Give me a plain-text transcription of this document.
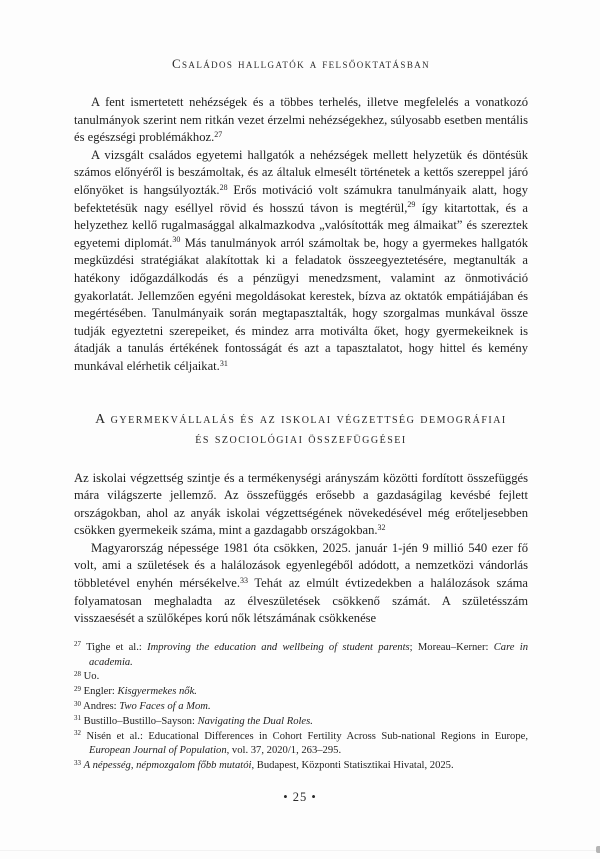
Családos hallgatók a felsőoktatásban

A fent ismertetett nehézségek és a többes terhelés, illetve megfelelés a vonatkozó tanulmányok szerint nem ritkán vezet érzelmi nehézségekhez, súlyosabb esetben mentális és egészségi problémákhoz.$^{27}$

A vizsgált családos egyetemi hallgatók a nehézségek mellett helyzetük és döntésük számos előnyéről is beszámoltak, és az általuk elmesélt történetek a kettős szereppel járó előnyöket is hangsúlyozták.$^{28}$ Erős motiváció volt számukra tanulmányaik alatt, hogy befektetésük nagy eséllyel rövid és hosszú távon is megtérül,$^{29}$ így kitartottak, és a helyzethez kellő rugalmasággal alkalmazkodva „valósították meg álmaikat” és szereztek egyetemi diplomát.$^{30}$ Más tanulmányok arról számoltak be, hogy a gyermekes hallgatók megküzdési stratégiákat alakítottak ki a feladatok összeegyeztetésére, megtanulták a hatékony időgazdálkodás és a pénzügyi menedzsment, valamint az önmotiváció gyakorlatát. Jellemzően egyéni megoldásokat kerestek, bízva az oktatók empátiájában és megértésében. Tanulmányaik során megtapasztalták, hogy szorgalmas munkával össze tudják egyeztetni szerepeiket, és mindez arra motiválta őket, hogy gyermekeiknek is átadják a tanulás értékének fontosságát és azt a tapasztalatot, hogy hittel és kemény munkával elérhetik céljaikat.$^{31}$

A gyermekvállalás és az iskolai végzettség demográfiai
és szociológiai összefüggései

Az iskolai végzettség szintje és a termékenységi arányszám közötti fordított összefüggés mára világszerte jellemző. Az összefüggés erősebb a gazdaságilag kevésbé fejlett országokban, ahol az anyák iskolai végzettségének növekedésével még erőteljesebben csökken gyermekeik száma, mint a gazdagabb országokban.$^{32}$

Magyarország népessége 1981 óta csökken, 2025. január 1-jén 9 millió 540 ezer fő volt, ami a születések és a halálozások egyenlegéből adódott, a nemzetközi vándorlás többletével enyhén mérsékelve.$^{33}$ Tehát az elmúlt évtizedekben a halálozások száma folyamatosan meghaladta az élveszületések csökkenő számát. A születésszám visszaesését a szülőképes korú nők létszámának csökkenése

$^{27}$ Tighe et al.: Improving the education and wellbeing of student parents; Moreau–Kerner: Care in academia.
$^{28}$ Uo.
$^{29}$ Engler: Kisgyermekes nők.
$^{30}$ Andres: Two Faces of a Mom.
$^{31}$ Bustillo–Bustillo–Sayson: Navigating the Dual Roles.
$^{32}$ Nisén et al.: Educational Differences in Cohort Fertility Across Sub-national Regions in Europe, European Journal of Population, vol. 37, 2020/1, 263–295.
$^{33}$ A népesség, népmozgalom főbb mutatói, Budapest, Központi Statisztikai Hivatal, 2025.
• 25 •
